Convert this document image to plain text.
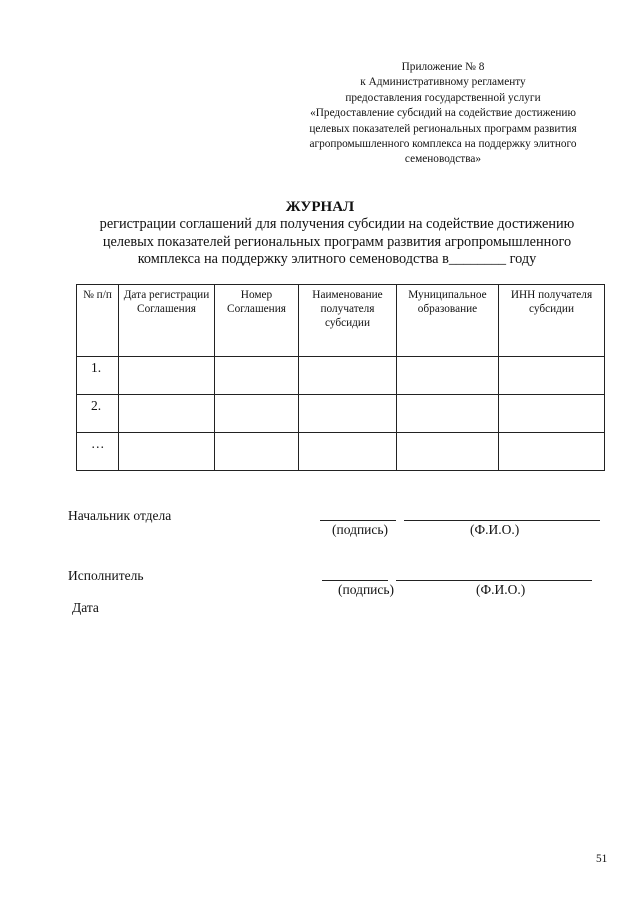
Приложение № 8
к Административному регламенту
предоставления государственной услуги
«Предоставление субсидий на содействие достижению
целевых показателей региональных программ развития
агропромышленного комплекса на поддержку элитного
семеноводства»
ЖУРНАЛ
регистрации соглашений для получения субсидии на содействие достижению
целевых показателей региональных программ развития агропромышленного
комплекса на поддержку элитного семеноводства в________ году
№ п/п	Дата регистрации Соглашения	Номер Соглашения	Наименование получателя субсидии	Муниципальное образование	ИНН получателя субсидии
1.					
2.					
…					
Начальник отдела
(подпись)	(Ф.И.О.)
Исполнитель
(подпись)	(Ф.И.О.)
Дата
51
